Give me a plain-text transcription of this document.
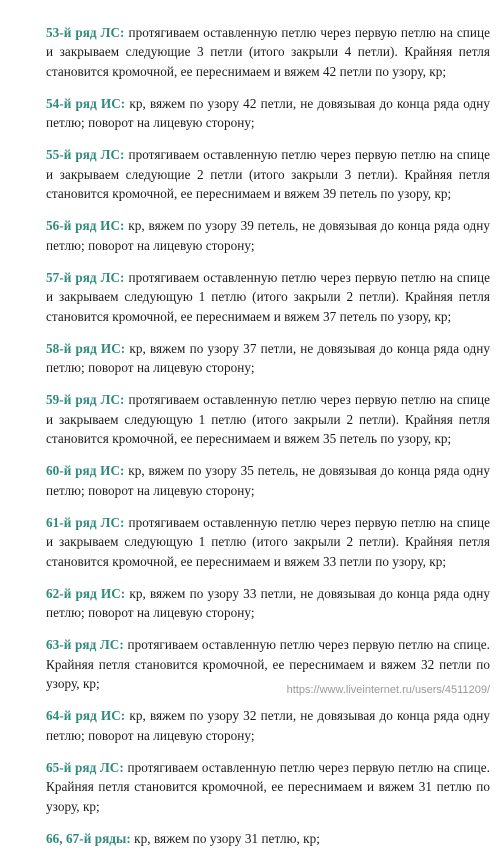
53-й ряд ЛС: протягиваем оставленную петлю через первую петлю на спице и закрываем следующие 3 петли (итого закрыли 4 петли). Крайняя петля становится кромочной, ее переснимаем и вяжем 42 петли по узору, кр;

54-й ряд ИС: кр, вяжем по узору 42 петли, не довязывая до конца ряда одну петлю; поворот на лицевую сторону;

55-й ряд ЛС: протягиваем оставленную петлю через первую петлю на спице и закрываем следующие 2 петли (итого закрыли 3 петли). Крайняя петля становится кромочной, ее переснимаем и вяжем 39 петель по узору, кр;

56-й ряд ИС: кр, вяжем по узору 39 петель, не довязывая до конца ряда одну петлю; поворот на лицевую сторону;

57-й ряд ЛС: протягиваем оставленную петлю через первую петлю на спице и закрываем следующую 1 петлю (итого закрыли 2 петли). Крайняя петля становится кромочной, ее переснимаем и вяжем 37 петель по узору, кр;

58-й ряд ИС: кр, вяжем по узору 37 петли, не довязывая до конца ряда одну петлю; поворот на лицевую сторону;

59-й ряд ЛС: протягиваем оставленную петлю через первую петлю на спице и закрываем следующую 1 петлю (итого закрыли 2 петли). Крайняя петля становится кромочной, ее переснимаем и вяжем 35 петель по узору, кр;

60-й ряд ИС: кр, вяжем по узору 35 петель, не довязывая до конца ряда одну петлю; поворот на лицевую сторону;

61-й ряд ЛС: протягиваем оставленную петлю через первую петлю на спице и закрываем следующую 1 петлю (итого закрыли 2 петли). Крайняя петля становится кромочной, ее переснимаем и вяжем 33 петли по узору, кр;

62-й ряд ИС: кр, вяжем по узору 33 петли, не довязывая до конца ряда одну петлю; поворот на лицевую сторону;

63-й ряд ЛС: протягиваем оставленную петлю через первую петлю на спице. Крайняя петля становится кромочной, ее переснимаем и вяжем 32 петли по узору, кр;

64-й ряд ИС: кр, вяжем по узору 32 петли, не довязывая до конца ряда одну петлю; поворот на лицевую сторону;

65-й ряд ЛС: протягиваем оставленную петлю через первую петлю на спице. Крайняя петля становится кромочной, ее переснимаем и вяжем 31 петлю по узору, кр;

66, 67-й ряды: кр, вяжем по узору 31 петлю, кр;

https://www.liveinternet.ru/users/4511209/
